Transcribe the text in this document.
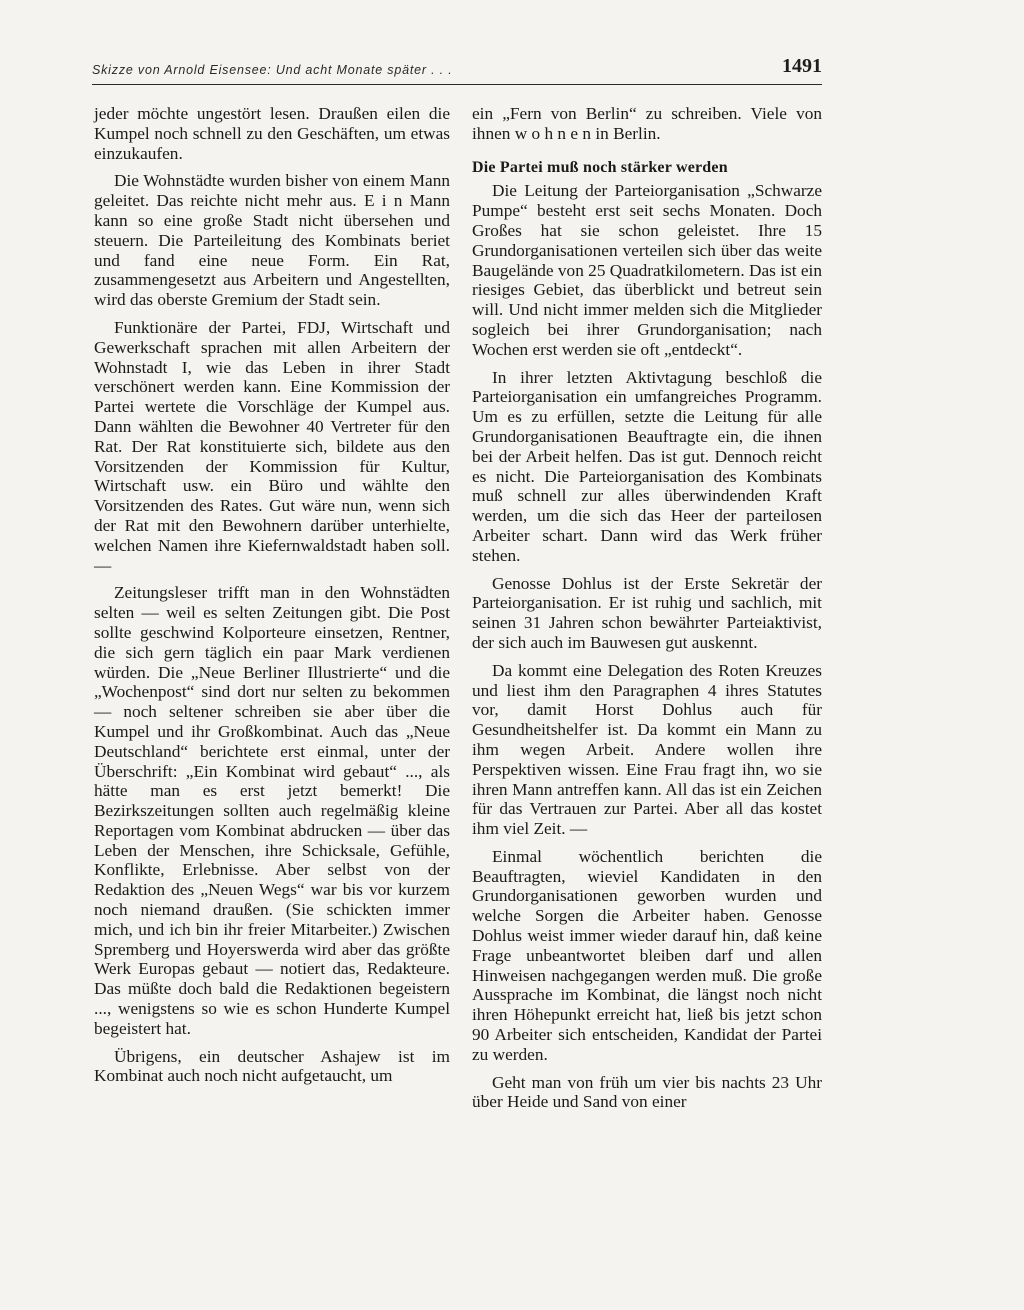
Skizze von Arnold Eisensee: Und acht Monate später . . .	1491

jeder möchte ungestört lesen. Draußen eilen die Kumpel noch schnell zu den Geschäften, um etwas einzukaufen.

Die Wohnstädte wurden bisher von einem Mann geleitet. Das reichte nicht mehr aus. E i n Mann kann so eine große Stadt nicht übersehen und steuern. Die Parteileitung des Kombinats beriet und fand eine neue Form. Ein Rat, zusammengesetzt aus Arbeitern und Angestellten, wird das oberste Gremium der Stadt sein.

Funktionäre der Partei, FDJ, Wirtschaft und Gewerkschaft sprachen mit allen Arbeitern der Wohnstadt I, wie das Leben in ihrer Stadt verschönert werden kann. Eine Kommission der Partei wertete die Vorschläge der Kumpel aus. Dann wählten die Bewohner 40 Vertreter für den Rat. Der Rat konstituierte sich, bildete aus den Vorsitzenden der Kommission für Kultur, Wirtschaft usw. ein Büro und wählte den Vorsitzenden des Rates. Gut wäre nun, wenn sich der Rat mit den Bewohnern darüber unterhielte, welchen Namen ihre Kiefernwaldstadt haben soll. —

Zeitungsleser trifft man in den Wohnstädten selten — weil es selten Zeitungen gibt. Die Post sollte geschwind Kolporteure einsetzen, Rentner, die sich gern täglich ein paar Mark verdienen würden. Die „Neue Berliner Illustrierte“ und die „Wochenpost“ sind dort nur selten zu bekommen — noch seltener schreiben sie aber über die Kumpel und ihr Großkombinat. Auch das „Neue Deutschland“ berichtete erst einmal, unter der Überschrift: „Ein Kombinat wird gebaut“ ..., als hätte man es erst jetzt bemerkt! Die Bezirkszeitungen sollten auch regelmäßig kleine Reportagen vom Kombinat abdrucken — über das Leben der Menschen, ihre Schicksale, Gefühle, Konflikte, Erlebnisse. Aber selbst von der Redaktion des „Neuen Wegs“ war bis vor kurzem noch niemand draußen. (Sie schickten immer mich, und ich bin ihr freier Mitarbeiter.) Zwischen Spremberg und Hoyerswerda wird aber das größte Werk Europas gebaut — notiert das, Redakteure. Das müßte doch bald die Redaktionen begeistern ..., wenigstens so wie es schon Hunderte Kumpel begeistert hat.

Übrigens, ein deutscher Ashajew ist im Kombinat auch noch nicht aufgetaucht, um

ein „Fern von Berlin“ zu schreiben. Viele von ihnen w o h n e n in Berlin.

Die Partei muß noch stärker werden

Die Leitung der Parteiorganisation „Schwarze Pumpe“ besteht erst seit sechs Monaten. Doch Großes hat sie schon geleistet. Ihre 15 Grundorganisationen verteilen sich über das weite Baugelände von 25 Quadratkilometern. Das ist ein riesiges Gebiet, das überblickt und betreut sein will. Und nicht immer melden sich die Mitglieder sogleich bei ihrer Grundorganisation; nach Wochen erst werden sie oft „entdeckt“.

In ihrer letzten Aktivtagung beschloß die Parteiorganisation ein umfangreiches Programm. Um es zu erfüllen, setzte die Leitung für alle Grundorganisationen Beauftragte ein, die ihnen bei der Arbeit helfen. Das ist gut. Dennoch reicht es nicht. Die Parteiorganisation des Kombinats muß schnell zur alles überwindenden Kraft werden, um die sich das Heer der parteilosen Arbeiter schart. Dann wird das Werk früher stehen.

Genosse Dohlus ist der Erste Sekretär der Parteiorganisation. Er ist ruhig und sachlich, mit seinen 31 Jahren schon bewährter Parteiaktivist, der sich auch im Bauwesen gut auskennt.

Da kommt eine Delegation des Roten Kreuzes und liest ihm den Paragraphen 4 ihres Statutes vor, damit Horst Dohlus auch für Gesundheitshelfer ist. Da kommt ein Mann zu ihm wegen Arbeit. Andere wollen ihre Perspektiven wissen. Eine Frau fragt ihn, wo sie ihren Mann antreffen kann. All das ist ein Zeichen für das Vertrauen zur Partei. Aber all das kostet ihm viel Zeit. —

Einmal wöchentlich berichten die Beauftragten, wieviel Kandidaten in den Grundorganisationen geworben wurden und welche Sorgen die Arbeiter haben. Genosse Dohlus weist immer wieder darauf hin, daß keine Frage unbeantwortet bleiben darf und allen Hinweisen nachgegangen werden muß. Die große Aussprache im Kombinat, die längst noch nicht ihren Höhepunkt erreicht hat, ließ bis jetzt schon 90 Arbeiter sich entscheiden, Kandidat der Partei zu werden.

Geht man von früh um vier bis nachts 23 Uhr über Heide und Sand von einer
